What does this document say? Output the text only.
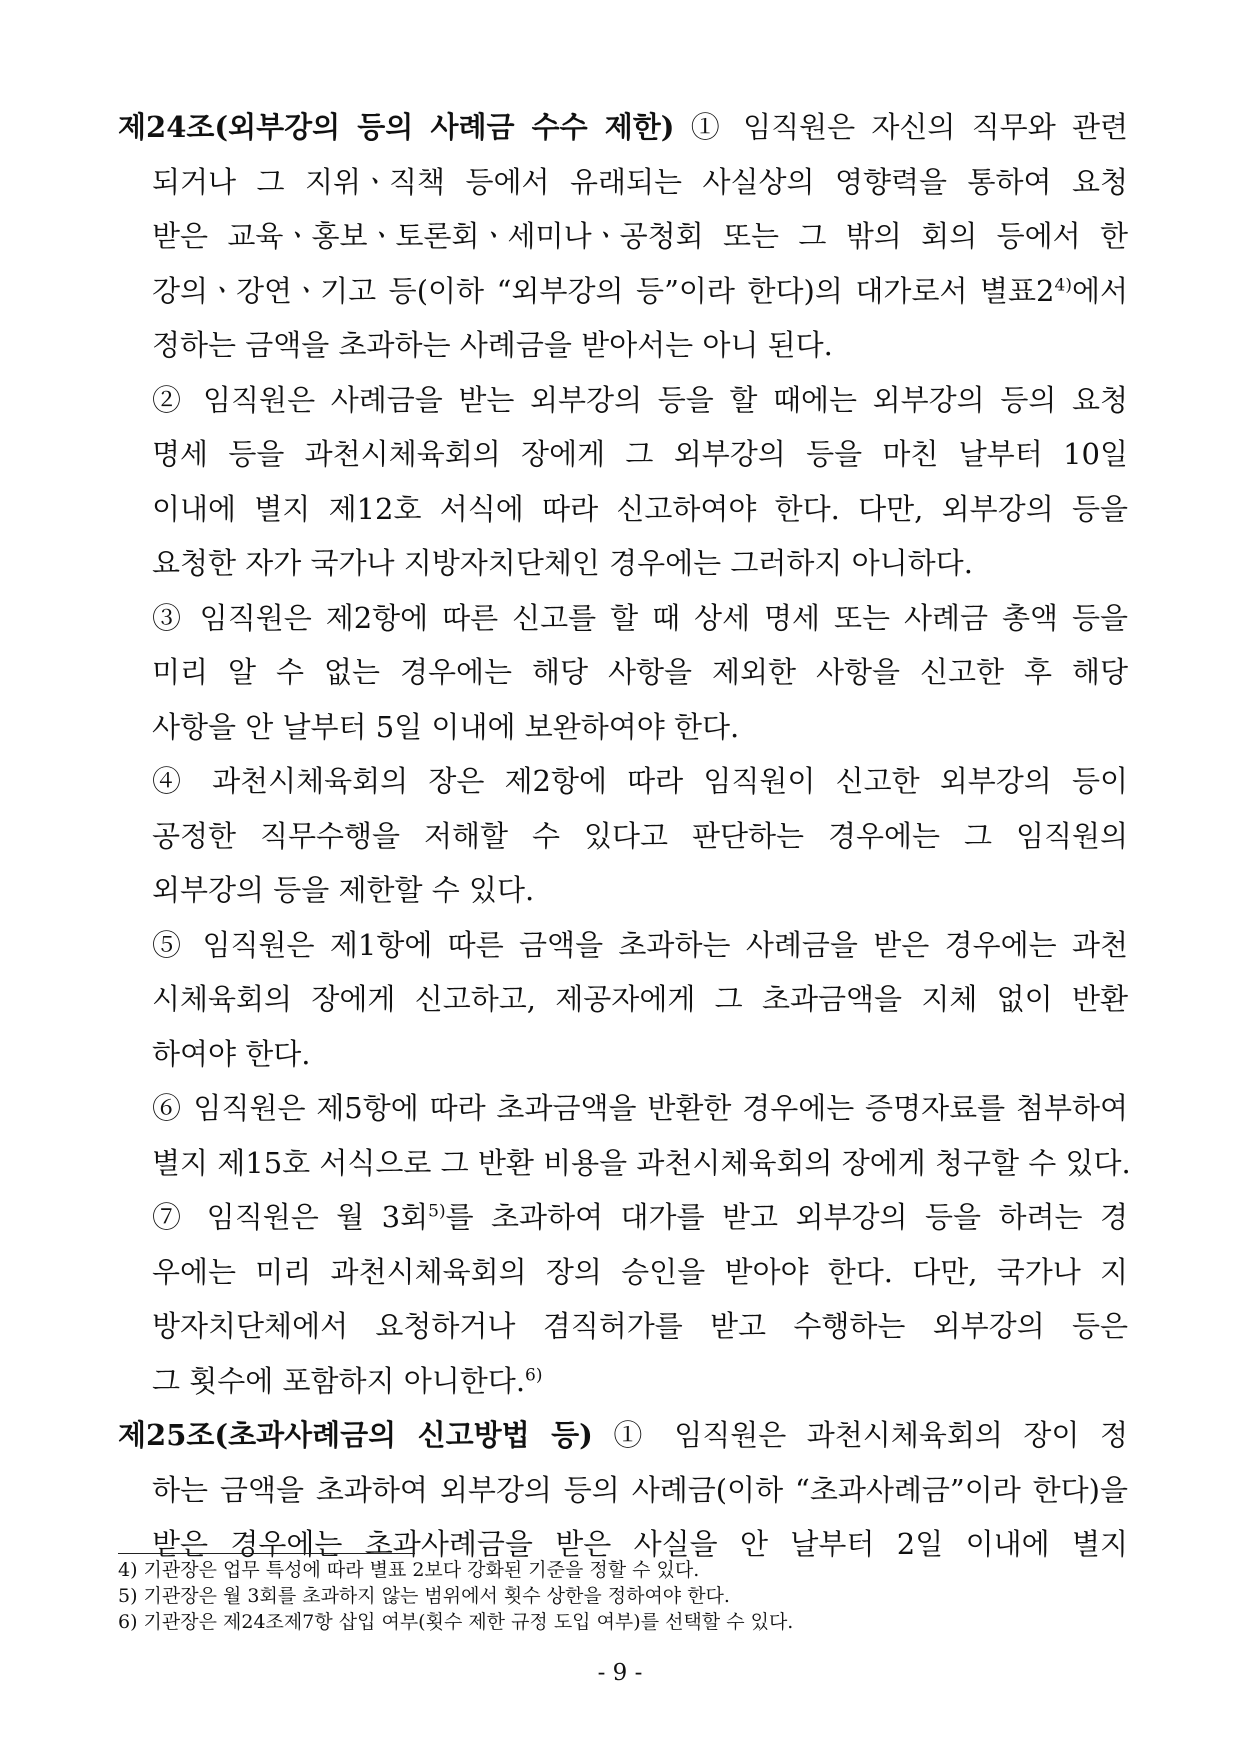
제24조(외부강의 등의 사례금 수수 제한) ① 임직원은 자신의 직무와 관련
되거나 그 지위ㆍ직책 등에서 유래되는 사실상의 영향력을 통하여 요청
받은 교육ㆍ홍보ㆍ토론회ㆍ세미나ㆍ공청회 또는 그 밖의 회의 등에서 한
강의ㆍ강연ㆍ기고 등(이하 “외부강의 등”이라 한다)의 대가로서 별표2$^{4)}$에서
정하는 금액을 초과하는 사례금을 받아서는 아니 된다.
② 임직원은 사례금을 받는 외부강의 등을 할 때에는 외부강의 등의 요청
명세 등을 과천시체육회의 장에게 그 외부강의 등을 마친 날부터 10일
이내에 별지 제12호 서식에 따라 신고하여야 한다. 다만, 외부강의 등을
요청한 자가 국가나 지방자치단체인 경우에는 그러하지 아니하다.
③ 임직원은 제2항에 따른 신고를 할 때 상세 명세 또는 사례금 총액 등을
미리 알 수 없는 경우에는 해당 사항을 제외한 사항을 신고한 후 해당
사항을 안 날부터 5일 이내에 보완하여야 한다.
④ 과천시체육회의 장은 제2항에 따라 임직원이 신고한 외부강의 등이
공정한 직무수행을 저해할 수 있다고 판단하는 경우에는 그 임직원의
외부강의 등을 제한할 수 있다.
⑤ 임직원은 제1항에 따른 금액을 초과하는 사례금을 받은 경우에는 과천
시체육회의 장에게 신고하고, 제공자에게 그 초과금액을 지체 없이 반환
하여야 한다.
⑥ 임직원은 제5항에 따라 초과금액을 반환한 경우에는 증명자료를 첨부하여
별지 제15호 서식으로 그 반환 비용을 과천시체육회의 장에게 청구할 수 있다.
⑦ 임직원은 월 3회$^{5)}$를 초과하여 대가를 받고 외부강의 등을 하려는 경
우에는 미리 과천시체육회의 장의 승인을 받아야 한다. 다만, 국가나 지
방자치단체에서 요청하거나 겸직허가를 받고 수행하는 외부강의 등은
그 횟수에 포함하지 아니한다.$^{6)}$
제25조(초과사례금의 신고방법 등) ① 임직원은 과천시체육회의 장이 정
하는 금액을 초과하여 외부강의 등의 사례금(이하 “초과사례금”이라 한다)을
받은 경우에는 초과사례금을 받은 사실을 안 날부터 2일 이내에 별지
4) 기관장은 업무 특성에 따라 별표 2보다 강화된 기준을 정할 수 있다.
5) 기관장은 월 3회를 초과하지 않는 범위에서 횟수 상한을 정하여야 한다.
6) 기관장은 제24조제7항 삽입 여부(횟수 제한 규정 도입 여부)를 선택할 수 있다.
- 9 -
